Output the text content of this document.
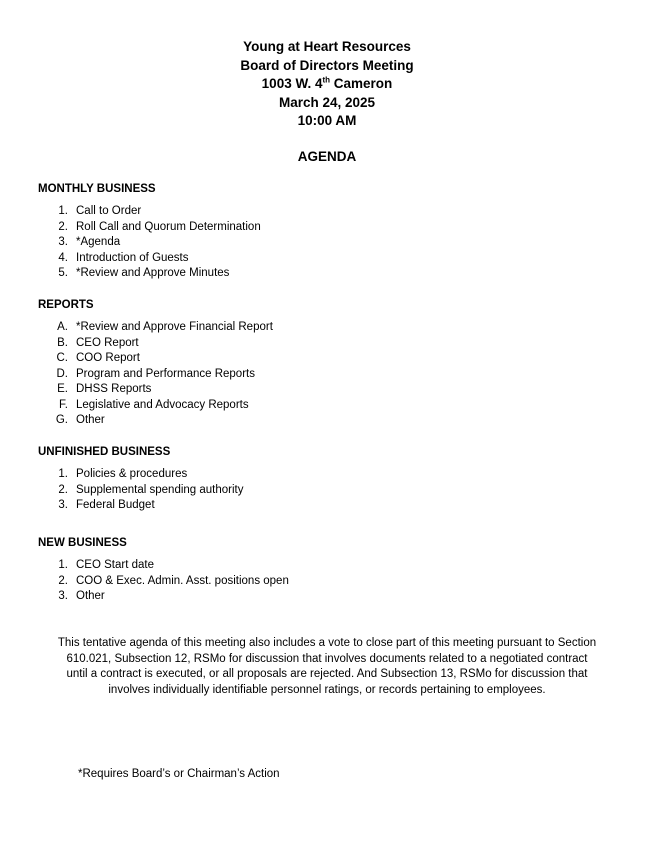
Young at Heart Resources
Board of Directors Meeting
1003 W. 4th Cameron
March 24, 2025
10:00 AM
AGENDA
MONTHLY BUSINESS
1. Call to Order
2. Roll Call and Quorum Determination
3. *Agenda
4. Introduction of Guests
5. *Review and Approve Minutes
REPORTS
A. *Review and Approve Financial Report
B. CEO Report
C. COO Report
D. Program and Performance Reports
E. DHSS Reports
F. Legislative and Advocacy Reports
G. Other
UNFINISHED BUSINESS
1. Policies & procedures
2. Supplemental spending authority
3. Federal Budget
NEW BUSINESS
1. CEO Start date
2. COO & Exec. Admin. Asst. positions open
3. Other
This tentative agenda of this meeting also includes a vote to close part of this meeting pursuant to Section
610.021, Subsection 12, RSMo for discussion that involves documents related to a negotiated contract
until a contract is executed, or all proposals are rejected. And Subsection 13, RSMo for discussion that
involves individually identifiable personnel ratings, or records pertaining to employees.
*Requires Board’s or Chairman’s Action
